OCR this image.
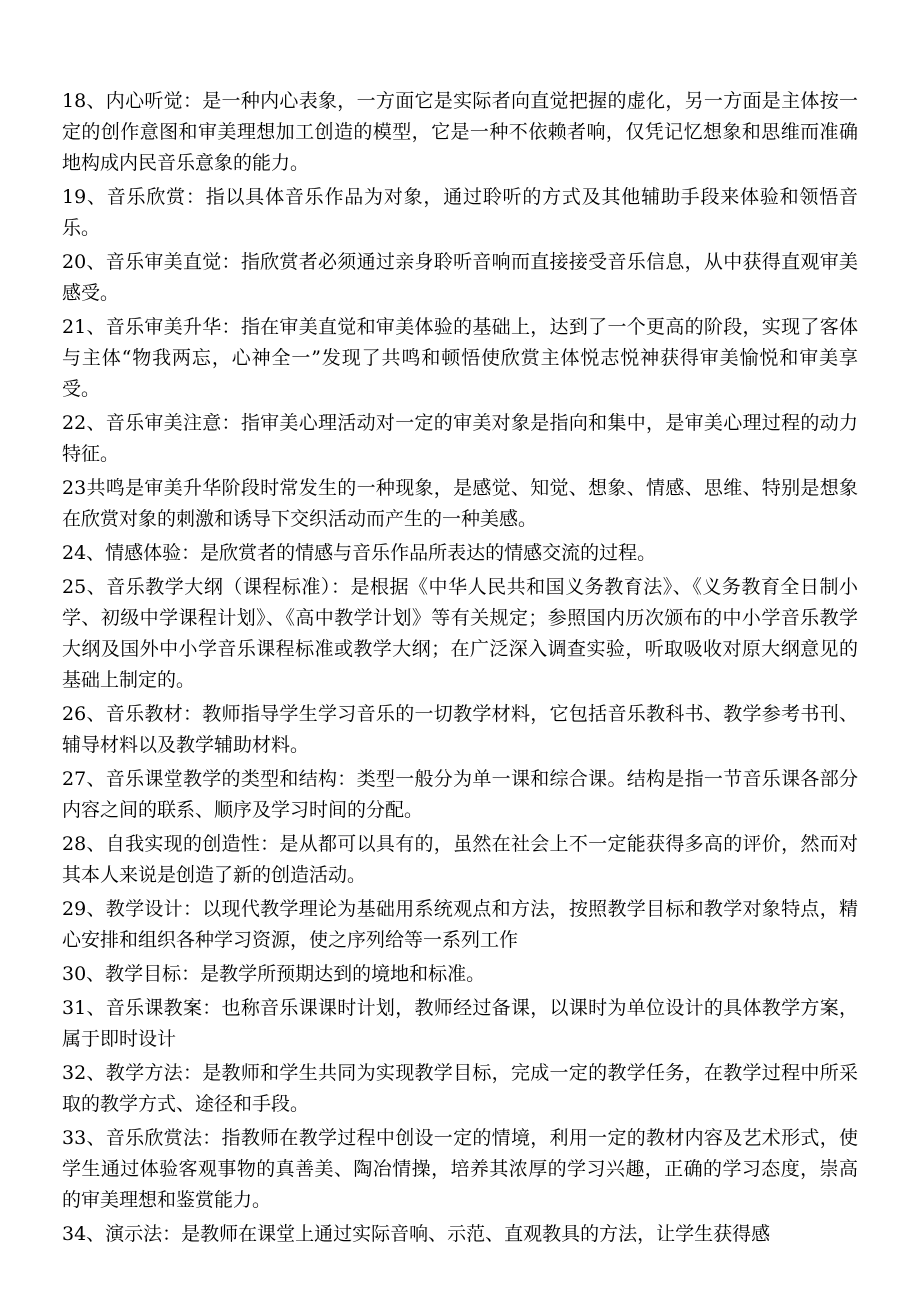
18、内心听觉：是一种内心表象，一方面它是实际者向直觉把握的虚化，另一方面是主体按一定的创作意图和审美理想加工创造的模型，它是一种不依赖者响，仅凭记忆想象和思维而准确地构成内民音乐意象的能力。

19、音乐欣赏：指以具体音乐作品为对象，通过聆听的方式及其他辅助手段来体验和领悟音乐。

20、音乐审美直觉：指欣赏者必须通过亲身聆听音响而直接接受音乐信息，从中获得直观审美感受。

21、音乐审美升华：指在审美直觉和审美体验的基础上，达到了一个更高的阶段，实现了客体与主体“物我两忘，心神全一”发现了共鸣和顿悟使欣赏主体悦志悦神获得审美愉悦和审美享受。

22、音乐审美注意：指审美心理活动对一定的审美对象是指向和集中，是审美心理过程的动力特征。

23共鸣是审美升华阶段时常发生的一种现象，是感觉、知觉、想象、情感、思维、特别是想象在欣赏对象的刺激和诱导下交织活动而产生的一种美感。

24、情感体验：是欣赏者的情感与音乐作品所表达的情感交流的过程。

25、音乐教学大纲（课程标准）：是根据《中华人民共和国义务教育法》、《义务教育全日制小学、初级中学课程计划》、《高中教学计划》等有关规定；参照国内历次颁布的中小学音乐教学大纲及国外中小学音乐课程标准或教学大纲；在广泛深入调查实验，听取吸收对原大纲意见的基础上制定的。

26、音乐教材：教师指导学生学习音乐的一切教学材料，它包括音乐教科书、教学参考书刊、辅导材料以及教学辅助材料。

27、音乐课堂教学的类型和结构：类型一般分为单一课和综合课。结构是指一节音乐课各部分内容之间的联系、顺序及学习时间的分配。

28、自我实现的创造性：是从都可以具有的，虽然在社会上不一定能获得多高的评价，然而对其本人来说是创造了新的创造活动。

29、教学设计：以现代教学理论为基础用系统观点和方法，按照教学目标和教学对象特点，精心安排和组织各种学习资源，使之序列给等一系列工作

30、教学目标：是教学所预期达到的境地和标准。

31、音乐课教案：也称音乐课课时计划，教师经过备课，以课时为单位设计的具体教学方案，属于即时设计

32、教学方法：是教师和学生共同为实现教学目标，完成一定的教学任务，在教学过程中所采取的教学方式、途径和手段。

33、音乐欣赏法：指教师在教学过程中创设一定的情境，利用一定的教材内容及艺术形式，使学生通过体验客观事物的真善美、陶冶情操，培养其浓厚的学习兴趣，正确的学习态度，崇高的审美理想和鉴赏能力。

34、演示法：是教师在课堂上通过实际音响、示范、直观教具的方法，让学生获得感
